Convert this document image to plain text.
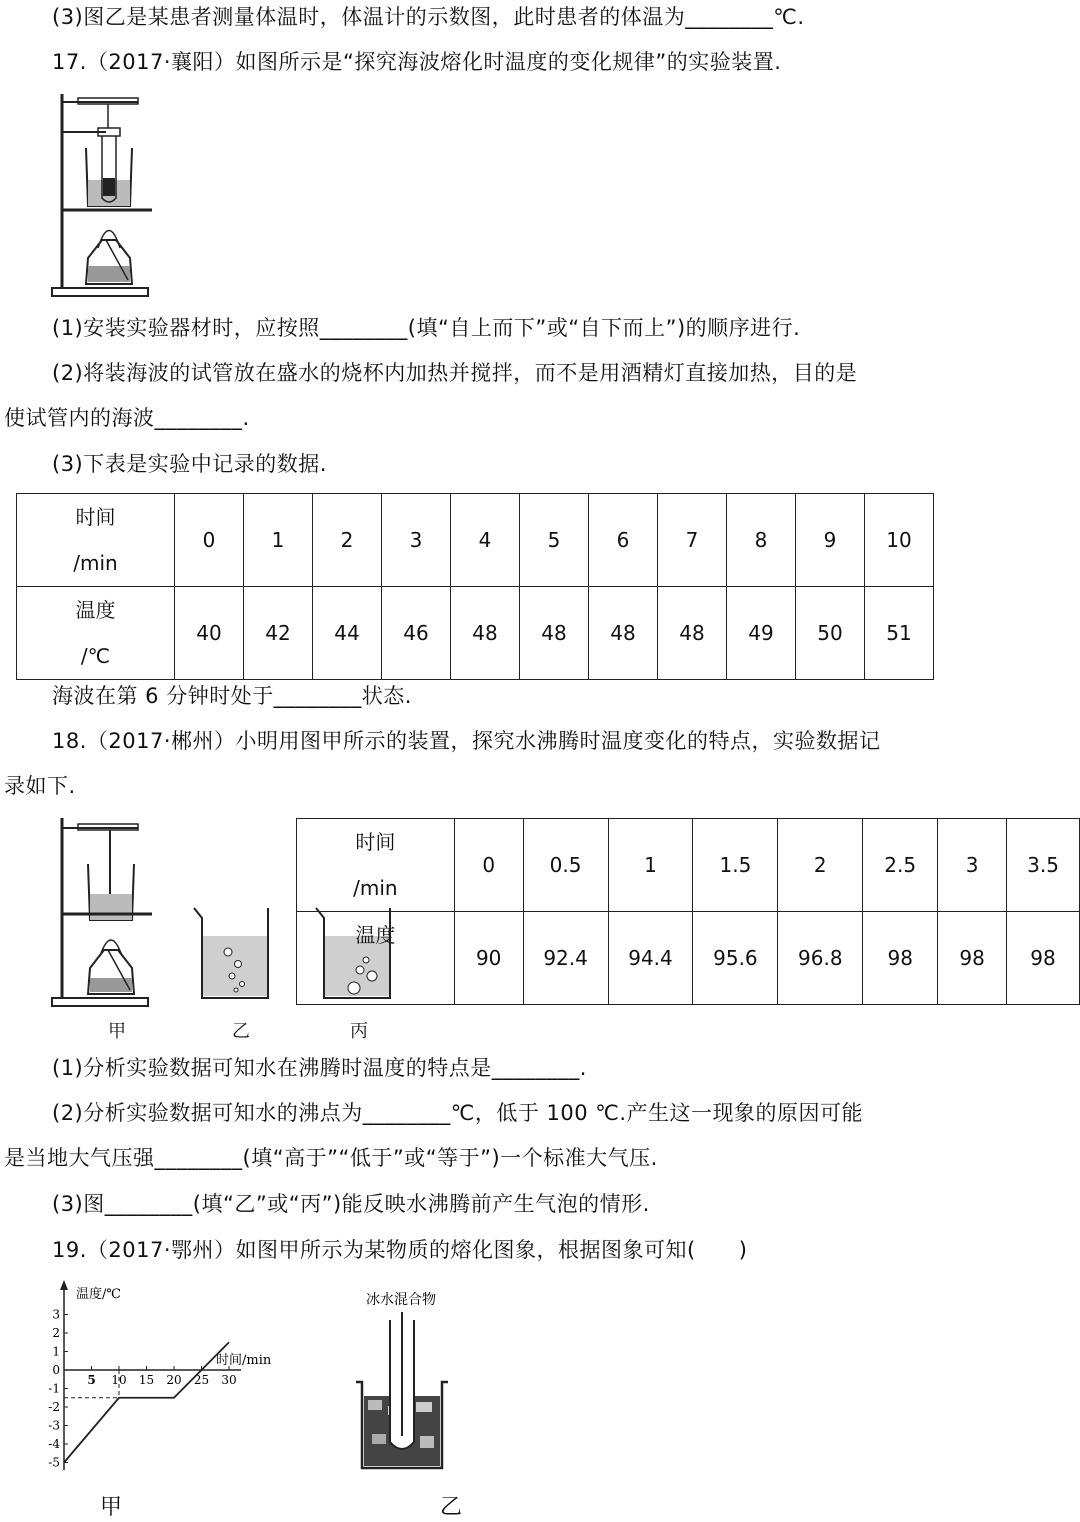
(3)图乙是某患者测量体温时，体温计的示数图，此时患者的体温为________℃.
17.（2017·襄阳）如图所示是“探究海波熔化时温度的变化规律”的实验装置.
(1)安装实验器材时，应按照________(填“自上而下”或“自下而上”)的顺序进行.
(2)将装海波的试管放在盛水的烧杯内加热并搅拌，而不是用酒精灯直接加热，目的是
使试管内的海波________.
(3)下表是实验中记录的数据.
时间
/min	0	1	2	3	4	5	6	7	8	9	10

温度
/℃	40	42	44	46	48	48	48	48	49	50	51
海波在第 6 分钟时处于________状态.
18.（2017·郴州）小明用图甲所示的装置，探究水沸腾时温度变化的特点，实验数据记
录如下.
甲	乙	丙
时间
/min	0	0.5	1	1.5	2	2.5	3	3.5

温度	90	92.4	94.4	95.6	96.8	98	98	98
(1)分析实验数据可知水在沸腾时温度的特点是________.
(2)分析实验数据可知水的沸点为________℃，低于 100 ℃.产生这一现象的原因可能
是当地大气压强________(填“高于”“低于”或“等于”)一个标准大气压.
(3)图________(填“乙”或“丙”)能反映水沸腾前产生气泡的情形.
19.（2017·鄂州）如图甲所示为某物质的熔化图象，根据图象可知(　　)
温度/℃
时间/min
3
2
1
0
-1
-2
-3
-4
-5
5 10 15 20 25 30
冰水混合物
甲	乙
